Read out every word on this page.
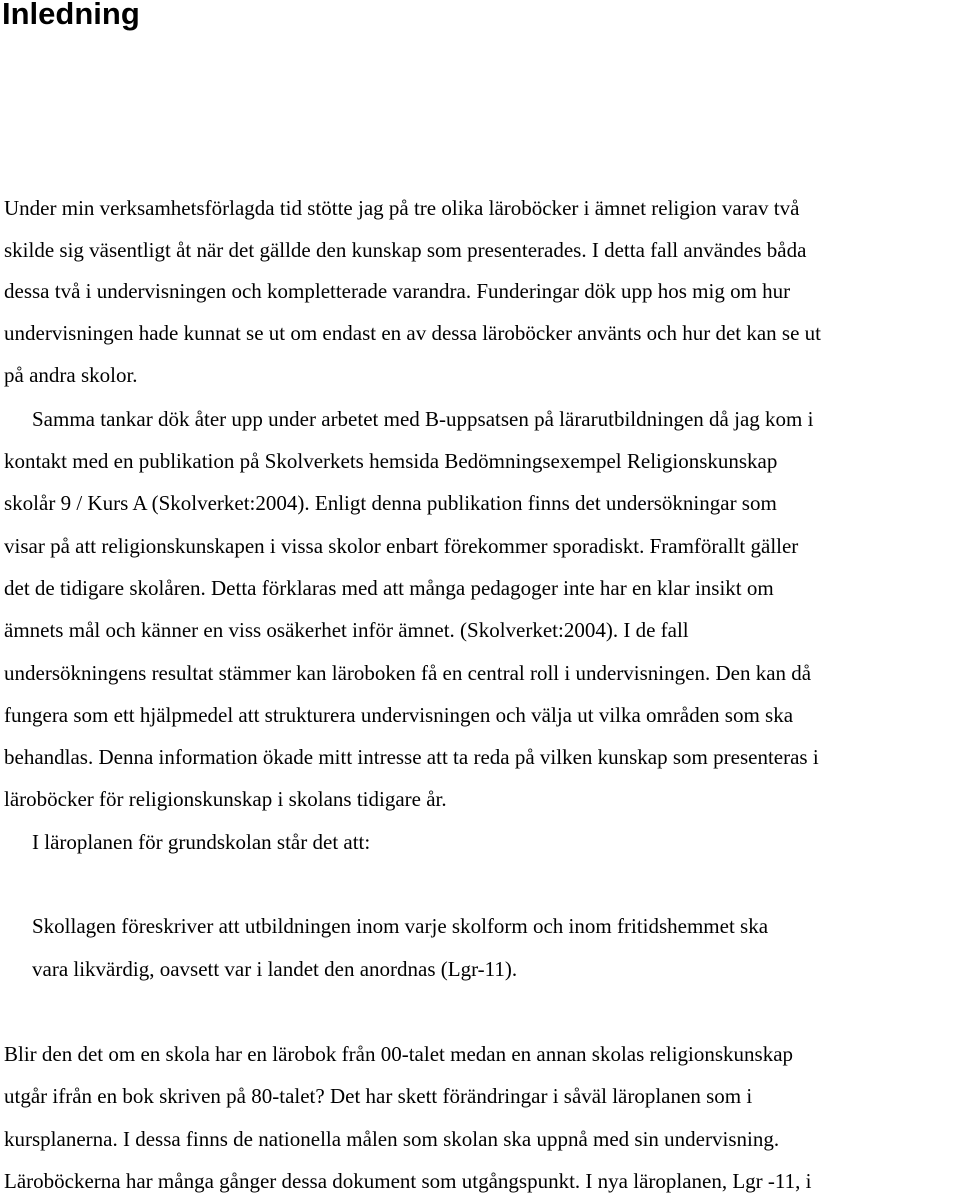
Inledning

Under min verksamhetsförlagda tid stötte jag på tre olika läroböcker i ämnet religion varav två

skilde sig väsentligt åt när det gällde den kunskap som presenterades. I detta fall användes båda

dessa två i undervisningen och kompletterade varandra. Funderingar dök upp hos mig om hur

undervisningen hade kunnat se ut om endast en av dessa läroböcker använts och hur det kan se ut

på andra skolor.

Samma tankar dök åter upp under arbetet med B-uppsatsen på lärarutbildningen då jag kom i

kontakt med en publikation på Skolverkets hemsida Bedömningsexempel Religionskunskap

skolår 9 / Kurs A (Skolverket:2004). Enligt denna publikation finns det undersökningar som

visar på att religionskunskapen i vissa skolor enbart förekommer sporadiskt. Framförallt gäller

det de tidigare skolåren. Detta förklaras med att många pedagoger inte har en klar insikt om

ämnets mål och känner en viss osäkerhet inför ämnet. (Skolverket:2004). I de fall

undersökningens resultat stämmer kan läroboken få en central roll i undervisningen. Den kan då

fungera som ett hjälpmedel att strukturera undervisningen och välja ut vilka områden som ska

behandlas. Denna information ökade mitt intresse att ta reda på vilken kunskap som presenteras i

läroböcker för religionskunskap i skolans tidigare år.

I läroplanen för grundskolan står det att:

Skollagen föreskriver att utbildningen inom varje skolform och inom fritidshemmet ska

vara likvärdig, oavsett var i landet den anordnas (Lgr-11).

Blir den det om en skola har en lärobok från 00-talet medan en annan skolas religionskunskap

utgår ifrån en bok skriven på 80-talet? Det har skett förändringar i såväl läroplanen som i

kursplanerna. I dessa finns de nationella målen som skolan ska uppnå med sin undervisning.

Läroböckerna har många gånger dessa dokument som utgångspunkt. I nya läroplanen, Lgr -11, i
